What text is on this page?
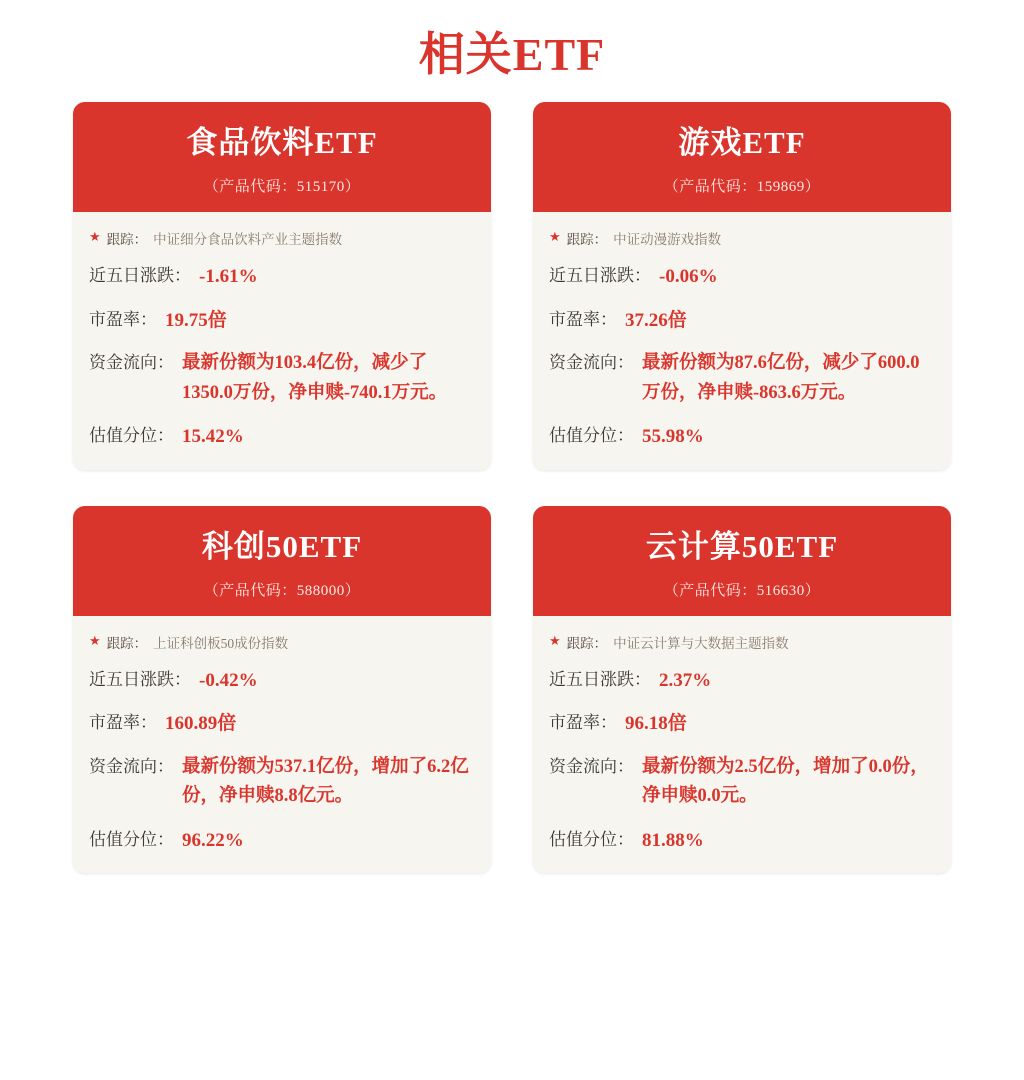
相关ETF
食品饮料ETF
（产品代码：515170）
★ 跟踪： 中证细分食品饮料产业主题指数
近五日涨跌： -1.61%
市盈率： 19.75倍
资金流向： 最新份额为103.4亿份，减少了1350.0万份，净申赎-740.1万元。
估值分位： 15.42%
游戏ETF
（产品代码：159869）
★ 跟踪： 中证动漫游戏指数
近五日涨跌： -0.06%
市盈率： 37.26倍
资金流向： 最新份额为87.6亿份，减少了600.0万份，净申赎-863.6万元。
估值分位： 55.98%
科创50ETF
（产品代码：588000）
★ 跟踪： 上证科创板50成份指数
近五日涨跌： -0.42%
市盈率： 160.89倍
资金流向： 最新份额为537.1亿份，增加了6.2亿份，净申赎8.8亿元。
估值分位： 96.22%
云计算50ETF
（产品代码：516630）
★ 跟踪： 中证云计算与大数据主题指数
近五日涨跌： 2.37%
市盈率： 96.18倍
资金流向： 最新份额为2.5亿份，增加了0.0份，净申赎0.0元。
估值分位： 81.88%
